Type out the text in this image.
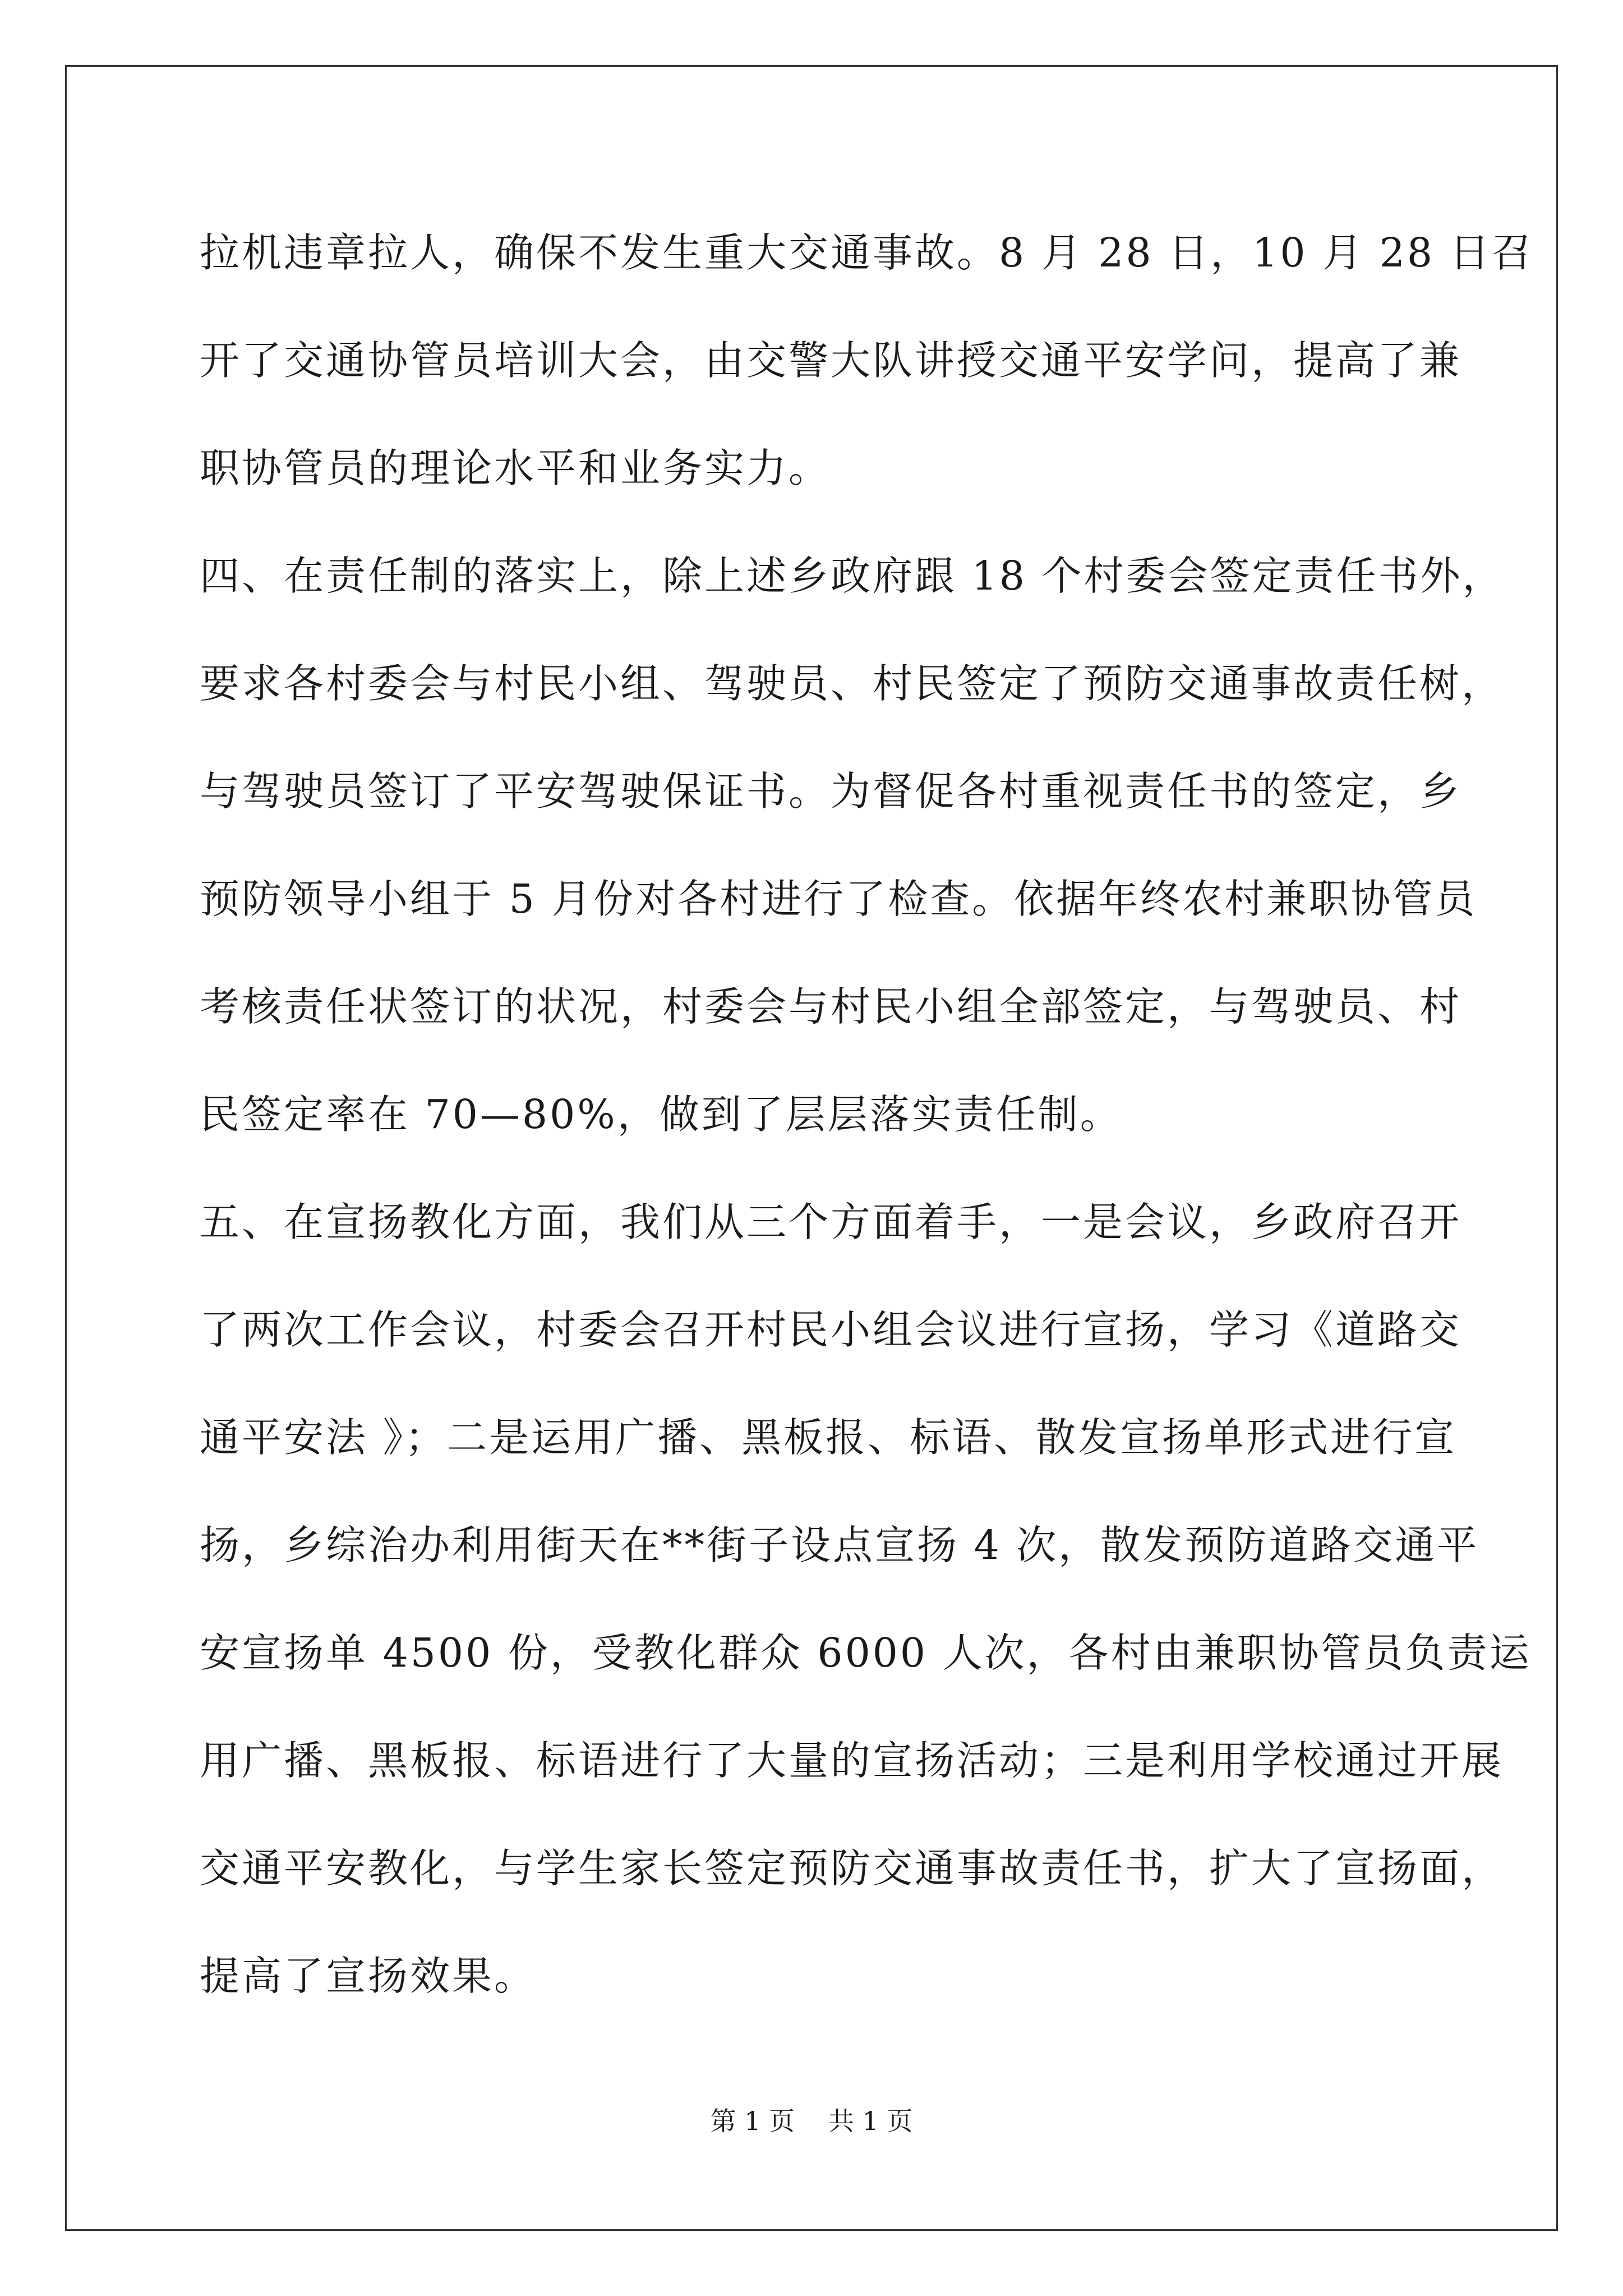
拉机违章拉人，确保不发生重大交通事故。8 月 28 日，10 月 28 日召
开了交通协管员培训大会，由交警大队讲授交通平安学问，提高了兼
职协管员的理论水平和业务实力。
四、在责任制的落实上，除上述乡政府跟 18 个村委会签定责任书外，
要求各村委会与村民小组、驾驶员、村民签定了预防交通事故责任树，
与驾驶员签订了平安驾驶保证书。为督促各村重视责任书的签定，乡
预防领导小组于 5 月份对各村进行了检查。依据年终农村兼职协管员
考核责任状签订的状况，村委会与村民小组全部签定，与驾驶员、村
民签定率在 70—80%，做到了层层落实责任制。
五、在宣扬教化方面，我们从三个方面着手，一是会议，乡政府召开
了两次工作会议，村委会召开村民小组会议进行宣扬，学习《道路交
通平安法 》；二是运用广播、黑板报、标语、散发宣扬单形式进行宣
扬，乡综治办利用街天在**街子设点宣扬 4 次，散发预防道路交通平
安宣扬单 4500 份，受教化群众 6000 人次，各村由兼职协管员负责运
用广播、黑板报、标语进行了大量的宣扬活动；三是利用学校通过开展
交通平安教化，与学生家长签定预防交通事故责任书，扩大了宣扬面，
提高了宣扬效果。
第 1 页 共 1 页
